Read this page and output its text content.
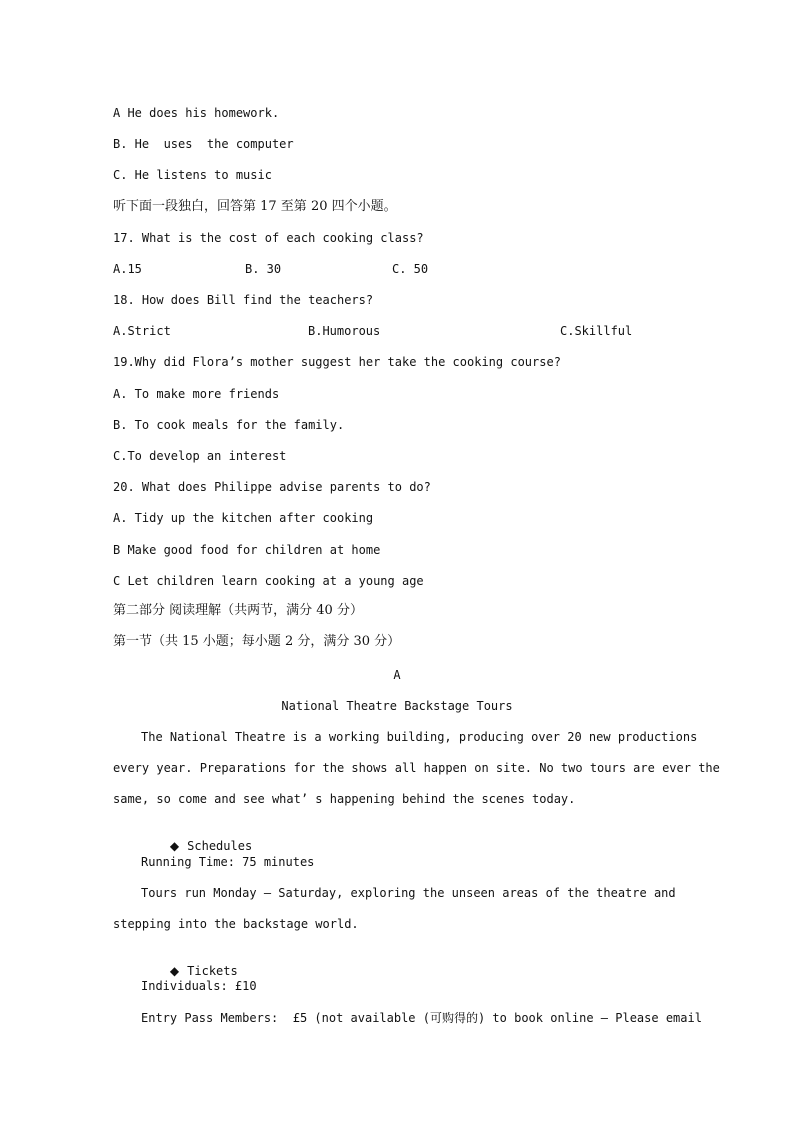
A He does his homework.
B. He  uses  the computer
C. He listens to music
听下面一段独白，回答第 17 至第 20 四个小题。
17. What is the cost of each cooking class?
A.15	B. 30	C. 50
18. How does Bill find the teachers?
A.Strict	B.Humorous	C.Skillful
19.Why did Flora’s mother suggest her take the cooking course?
A. To make more friends
B. To cook meals for the family.
C.To develop an interest
20. What does Philippe advise parents to do?
A. Tidy up the kitchen after cooking
B Make good food for children at home
C Let children learn cooking at a young age
第二部分 阅读理解（共两节，满分 40 分）
第一节（共 15 小题；每小题 2 分，满分 30 分）
A
National Theatre Backstage Tours
The National Theatre is a working building, producing over 20 new productions
every year. Preparations for the shows all happen on site. No two tours are ever the
same, so come and see what’ s happening behind the scenes today.

◆ Schedules

Running Time: 75 minutes
Tours run Monday — Saturday, exploring the unseen areas of the theatre and
stepping into the backstage world.

◆ Tickets

Individuals: £10
Entry Pass Members:  £5 (not available (可购得的) to book online — Please email
